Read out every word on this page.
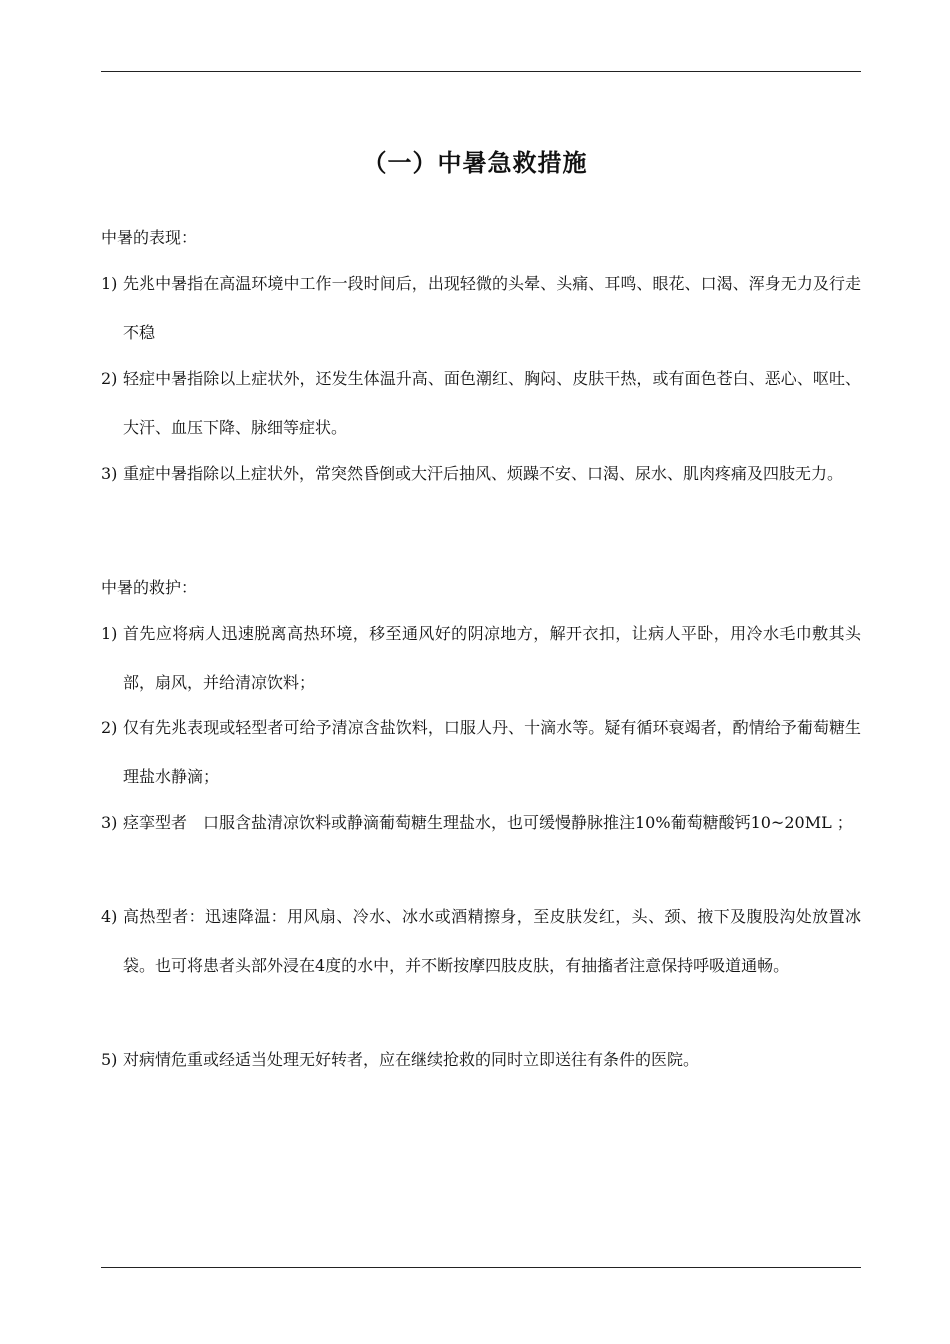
（一）中暑急救措施
中暑的表现：
1) 先兆中暑指在高温环境中工作一段时间后，出现轻微的头晕、头痛、耳鸣、眼花、口渴、浑身无力及行走不稳
2) 轻症中暑指除以上症状外，还发生体温升高、面色潮红、胸闷、皮肤干热，或有面色苍白、恶心、呕吐、大汗、血压下降、脉细等症状。
3) 重症中暑指除以上症状外，常突然昏倒或大汗后抽风、烦躁不安、口渴、尿水、肌肉疼痛及四肢无力。
中暑的救护：
1) 首先应将病人迅速脱离高热环境，移至通风好的阴凉地方，解开衣扣，让病人平卧，用冷水毛巾敷其头部，扇风，并给清凉饮料；
2) 仅有先兆表现或轻型者可给予清凉含盐饮料，口服人丹、十滴水等。疑有循环衰竭者，酌情给予葡萄糖生理盐水静滴；
3) 痉挛型者　口服含盐清凉饮料或静滴葡萄糖生理盐水，也可缓慢静脉推注10%葡萄糖酸钙10~20ML ；
4) 高热型者：迅速降温：用风扇、冷水、冰水或酒精擦身，至皮肤发红，头、颈、掖下及腹股沟处放置冰袋。也可将患者头部外浸在4度的水中，并不断按摩四肢皮肤，有抽搐者注意保持呼吸道通畅。
5) 对病情危重或经适当处理无好转者，应在继续抢救的同时立即送往有条件的医院。
